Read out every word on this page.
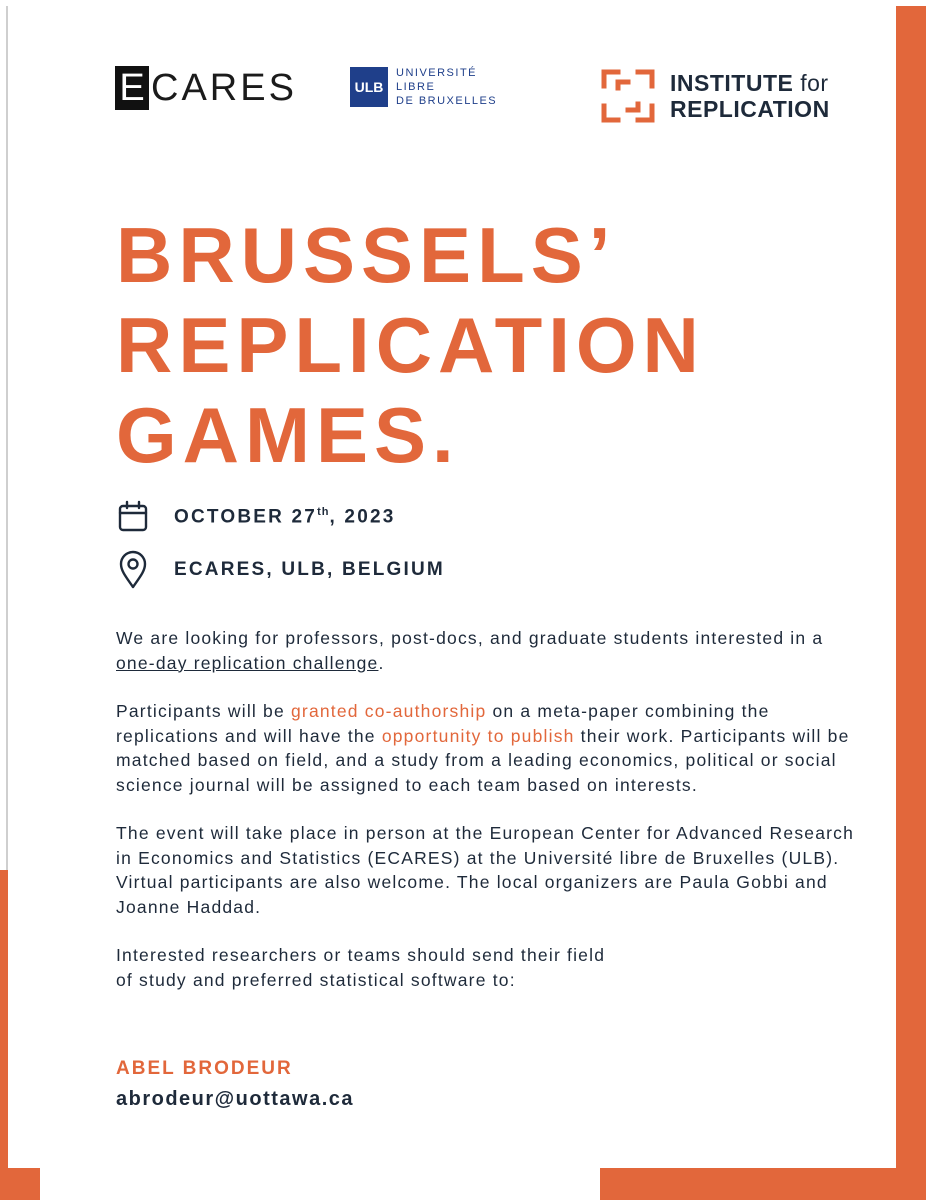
E CARES	ULB
UNIVERSITÉ
LIBRE
DE BRUXELLES
INSTITUTE for
REPLICATION
BRUSSELS’
REPLICATION
GAMES.
OCTOBER 27th, 2023
ECARES, ULB, BELGIUM

We are looking for professors, post-docs, and graduate students interested in a one-day replication challenge.

Participants will be granted co-authorship on a meta-paper combining the replications and will have the opportunity to publish their work. Participants will be matched based on field, and a study from a leading economics, political or social science journal will be assigned to each team based on interests.

The event will take place in person at the European Center for Advanced Research in Economics and Statistics (ECARES) at the Université libre de Bruxelles (ULB). Virtual participants are also welcome. The local organizers are Paula Gobbi and Joanne Haddad.

Interested researchers or teams should send their field
of study and preferred statistical software to:

ABEL BRODEUR
abrodeur@uottawa.ca
